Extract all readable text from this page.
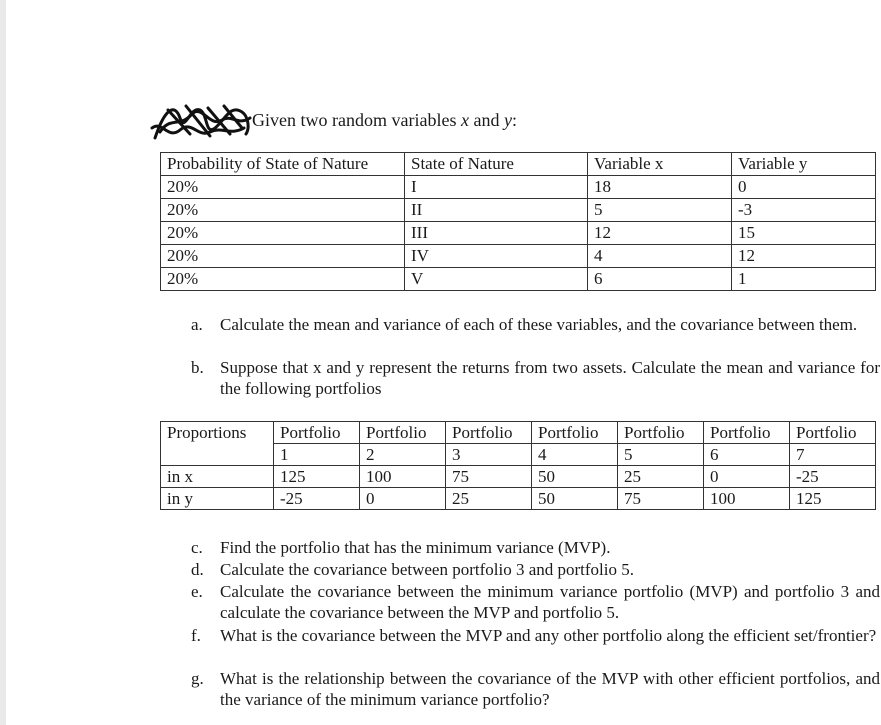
Given two random variables x and y:
Probability of State of Nature	State of Nature	Variable x	Variable y
20%	I	18	0
20%	II	5	-3
20%	III	12	15
20%	IV	4	12
20%	V	6	1
a. Calculate the mean and variance of each of these variables, and the covariance between them.
b. Suppose that x and y represent the returns from two assets. Calculate the mean and variance for the following portfolios
Proportions	Portfolio	Portfolio	Portfolio	Portfolio	Portfolio	Portfolio	Portfolio
	1	2	3	4	5	6	7
in x	125	100	75	50	25	0	-25
in y	-25	0	25	50	75	100	125
c. Find the portfolio that has the minimum variance (MVP).
d. Calculate the covariance between portfolio 3 and portfolio 5.
e. Calculate the covariance between the minimum variance portfolio (MVP) and portfolio 3 and calculate the covariance between the MVP and portfolio 5.
f. What is the covariance between the MVP and any other portfolio along the efficient set/frontier?
g. What is the relationship between the covariance of the MVP with other efficient portfolios, and the variance of the minimum variance portfolio?
